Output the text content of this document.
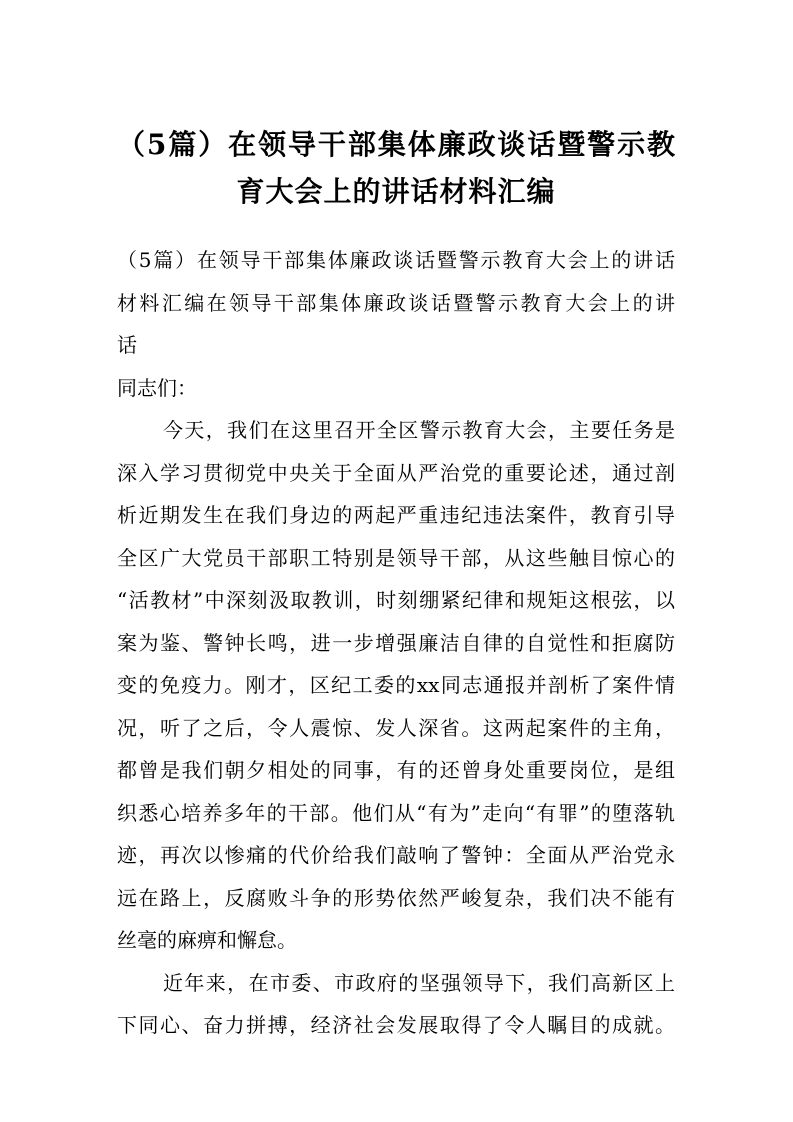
（5篇）在领导干部集体廉政谈话暨警示教
育大会上的讲话材料汇编
（5篇）在领导干部集体廉政谈话暨警示教育大会上的讲话
材料汇编在领导干部集体廉政谈话暨警示教育大会上的讲
话
同志们：
今天，我们在这里召开全区警示教育大会，主要任务是
深入学习贯彻党中央关于全面从严治党的重要论述，通过剖
析近期发生在我们身边的两起严重违纪违法案件，教育引导
全区广大党员干部职工特别是领导干部，从这些触目惊心的
“活教材”中深刻汲取教训，时刻绷紧纪律和规矩这根弦，以
案为鉴、警钟长鸣，进一步增强廉洁自律的自觉性和拒腐防
变的免疫力。刚才，区纪工委的xx同志通报并剖析了案件情
况，听了之后，令人震惊、发人深省。这两起案件的主角，
都曾是我们朝夕相处的同事，有的还曾身处重要岗位，是组
织悉心培养多年的干部。他们从“有为”走向“有罪”的堕落轨
迹，再次以惨痛的代价给我们敲响了警钟：全面从严治党永
远在路上，反腐败斗争的形势依然严峻复杂，我们决不能有
丝毫的麻痹和懈怠。
近年来，在市委、市政府的坚强领导下，我们高新区上
下同心、奋力拼搏，经济社会发展取得了令人瞩目的成就。
